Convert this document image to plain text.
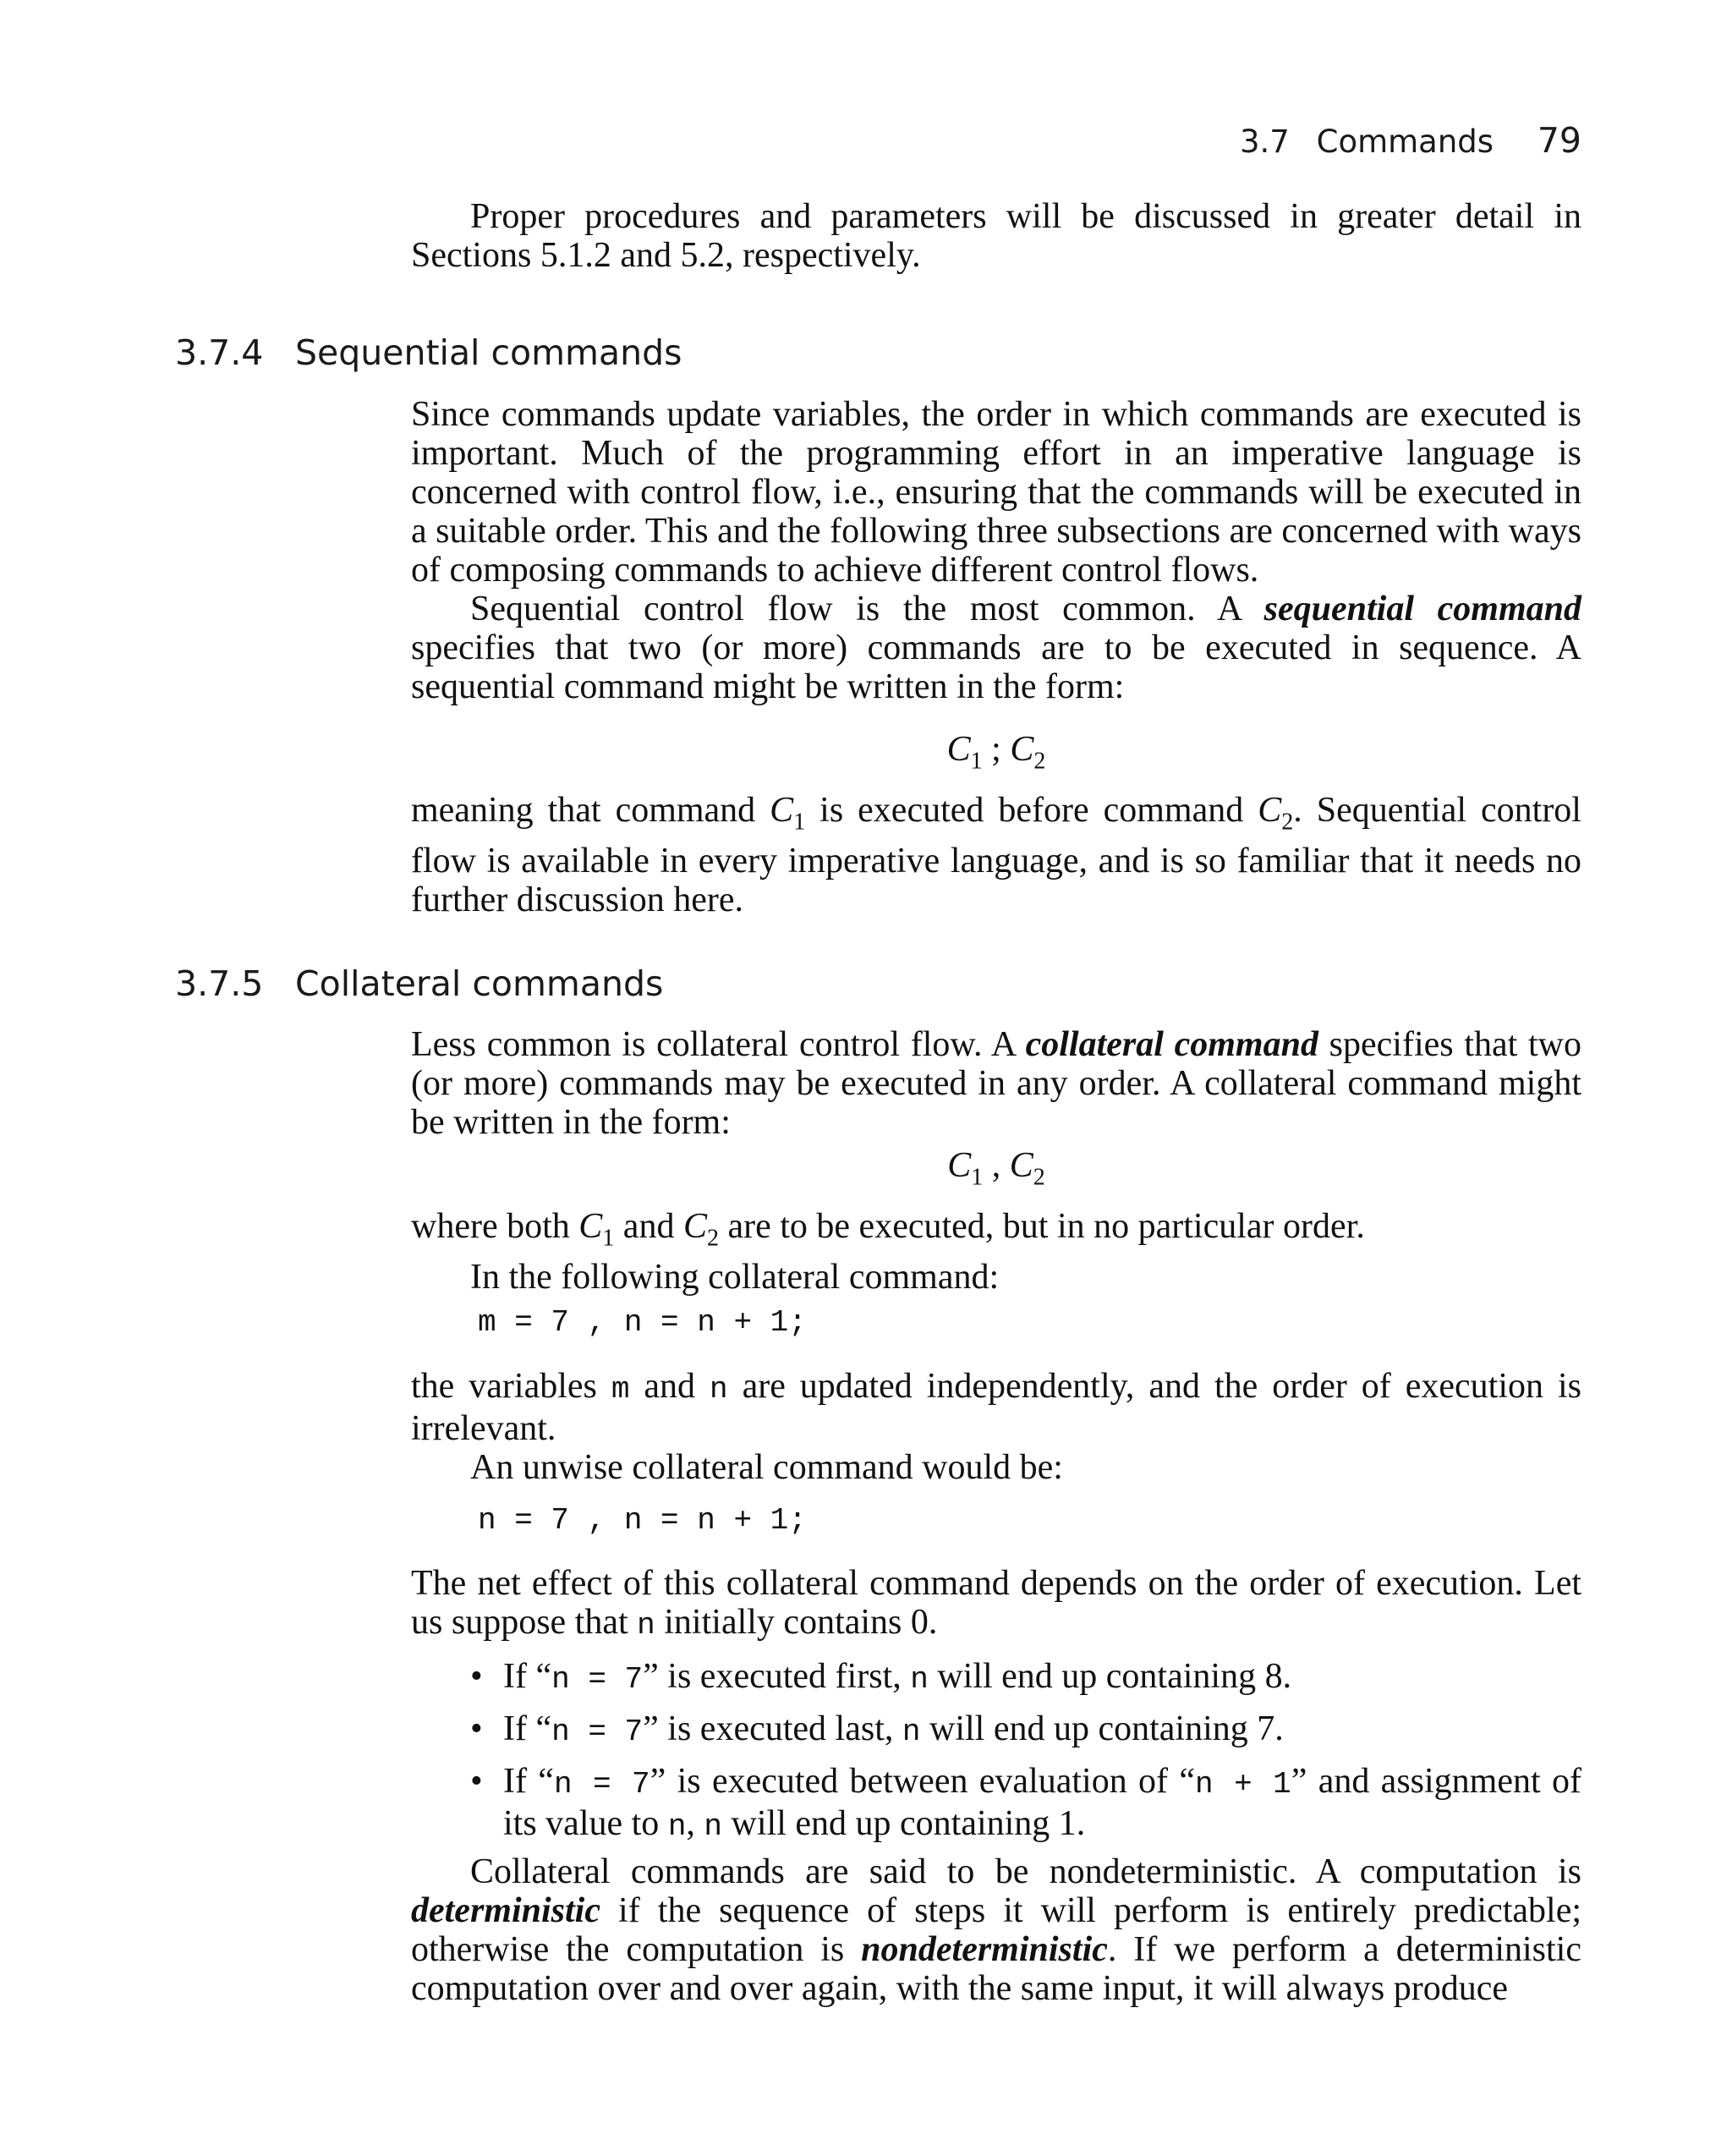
3.7 Commands 79

Proper procedures and parameters will be discussed in greater detail in Sections 5.1.2 and 5.2, respectively.

3.7.4 Sequential commands

Since commands update variables, the order in which commands are executed is important. Much of the programming effort in an imperative language is concerned with control flow, i.e., ensuring that the commands will be executed in a suitable order. This and the following three subsections are concerned with ways of composing commands to achieve different control flows.

Sequential control flow is the most common. A sequential command specifies that two (or more) commands are to be executed in sequence. A sequential command might be written in the form:

$C_1$ ; $C_2$

meaning that command $C_1$ is executed before command $C_2$. Sequential control flow is available in every imperative language, and is so familiar that it needs no further discussion here.

3.7.5 Collateral commands

Less common is collateral control flow. A collateral command specifies that two (or more) commands may be executed in any order. A collateral command might be written in the form:

$C_1$ , $C_2$

where both $C_1$ and $C_2$ are to be executed, but in no particular order.

In the following collateral command:

m = 7 , n = n + 1;

the variables m and n are updated independently, and the order of execution is irrelevant.

An unwise collateral command would be:

n = 7 , n = n + 1;

The net effect of this collateral command depends on the order of execution. Let us suppose that n initially contains 0.

• If “n = 7” is executed first, n will end up containing 8.
• If “n = 7” is executed last, n will end up containing 7.
• If “n = 7” is executed between evaluation of “n + 1” and assignment of its value to n, n will end up containing 1.

Collateral commands are said to be nondeterministic. A computation is deterministic if the sequence of steps it will perform is entirely predictable; otherwise the computation is nondeterministic. If we perform a deterministic computation over and over again, with the same input, it will always produce
